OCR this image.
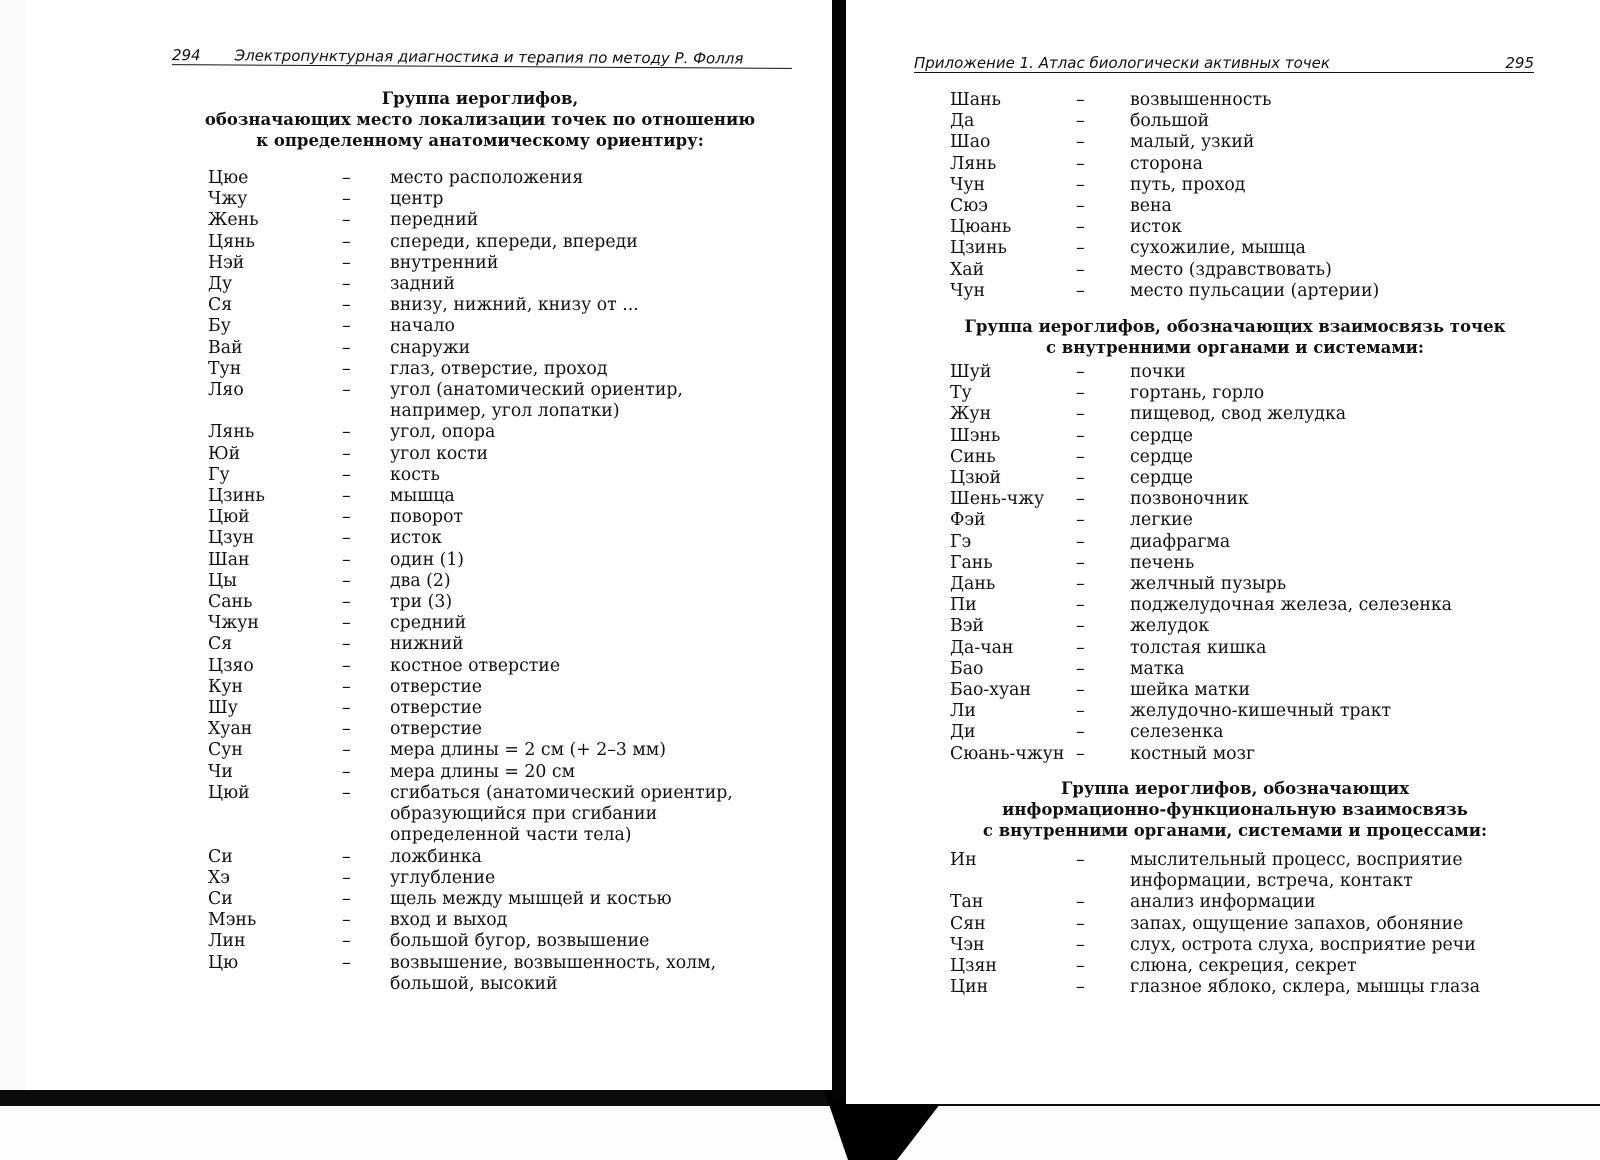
294 Электропунктурная диагностика и терапия по методу Р. Фолля
Группа иероглифов,
обозначающих место локализации точек по отношению
к определенному анатомическому ориентиру:
Цюе	–	место расположения
Чжу	–	центр
Жень	–	передний
Цянь	–	спереди, кпереди, впереди
Нэй	–	внутренний
Ду	–	задний
Ся	–	внизу, нижний, книзу от ...
Бу	–	начало
Вай	–	снаружи
Тун	–	глаз, отверстие, проход
Ляо	–	угол (анатомический ориентир,
например, угол лопатки)
Лянь	–	угол, опора
Юй	–	угол кости
Гу	–	кость
Цзинь	–	мышца
Цюй	–	поворот
Цзун	–	исток
Шан	–	один (1)
Цы	–	два (2)
Сань	–	три (3)
Чжун	–	средний
Ся	–	нижний
Цзяо	–	костное отверстие
Кун	–	отверстие
Шу	–	отверстие
Хуан	–	отверстие
Сун	–	мера длины = 2 см (+ 2–3 мм)
Чи	–	мера длины = 20 см
Цюй	–	сгибаться (анатомический ориентир,
образующийся при сгибании
определенной части тела)
Си	–	ложбинка
Хэ	–	углубление
Си	–	щель между мышцей и костью
Мэнь	–	вход и выход
Лин	–	большой бугор, возвышение
Цю	–	возвышение, возвышенность, холм,
большой, высокий
Приложение 1. Атлас биологически активных точек	295
Шань	–	возвышенность
Да	–	большой
Шао	–	малый, узкий
Лянь	–	сторона
Чун	–	путь, проход
Сюэ	–	вена
Цюань	–	исток
Цзинь	–	сухожилие, мышца
Хай	–	место (здравствовать)
Чун	–	место пульсации (артерии)
Группа иероглифов, обозначающих взаимосвязь точек
с внутренними органами и системами:
Шуй	–	почки
Ту	–	гортань, горло
Жун	–	пищевод, свод желудка
Шэнь	–	сердце
Синь	–	сердце
Цзюй	–	сердце
Шень-чжу	–	позвоночник
Фэй	–	легкие
Гэ	–	диафрагма
Гань	–	печень
Дань	–	желчный пузырь
Пи	–	поджелудочная железа, селезенка
Вэй	–	желудок
Да-чан	–	толстая кишка
Бао	–	матка
Бао-хуан	–	шейка матки
Ли	–	желудочно-кишечный тракт
Ди	–	селезенка
Сюань-чжун –	костный мозг
Группа иероглифов, обозначающих
информационно-функциональную взаимосвязь
с внутренними органами, системами и процессами:
Ин	–	мыслительный процесс, восприятие
информации, встреча, контакт
Тан	–	анализ информации
Сян	–	запах, ощущение запахов, обоняние
Чэн	–	слух, острота слуха, восприятие речи
Цзян	–	слюна, секреция, секрет
Цин	–	глазное яблоко, склера, мышцы глаза
